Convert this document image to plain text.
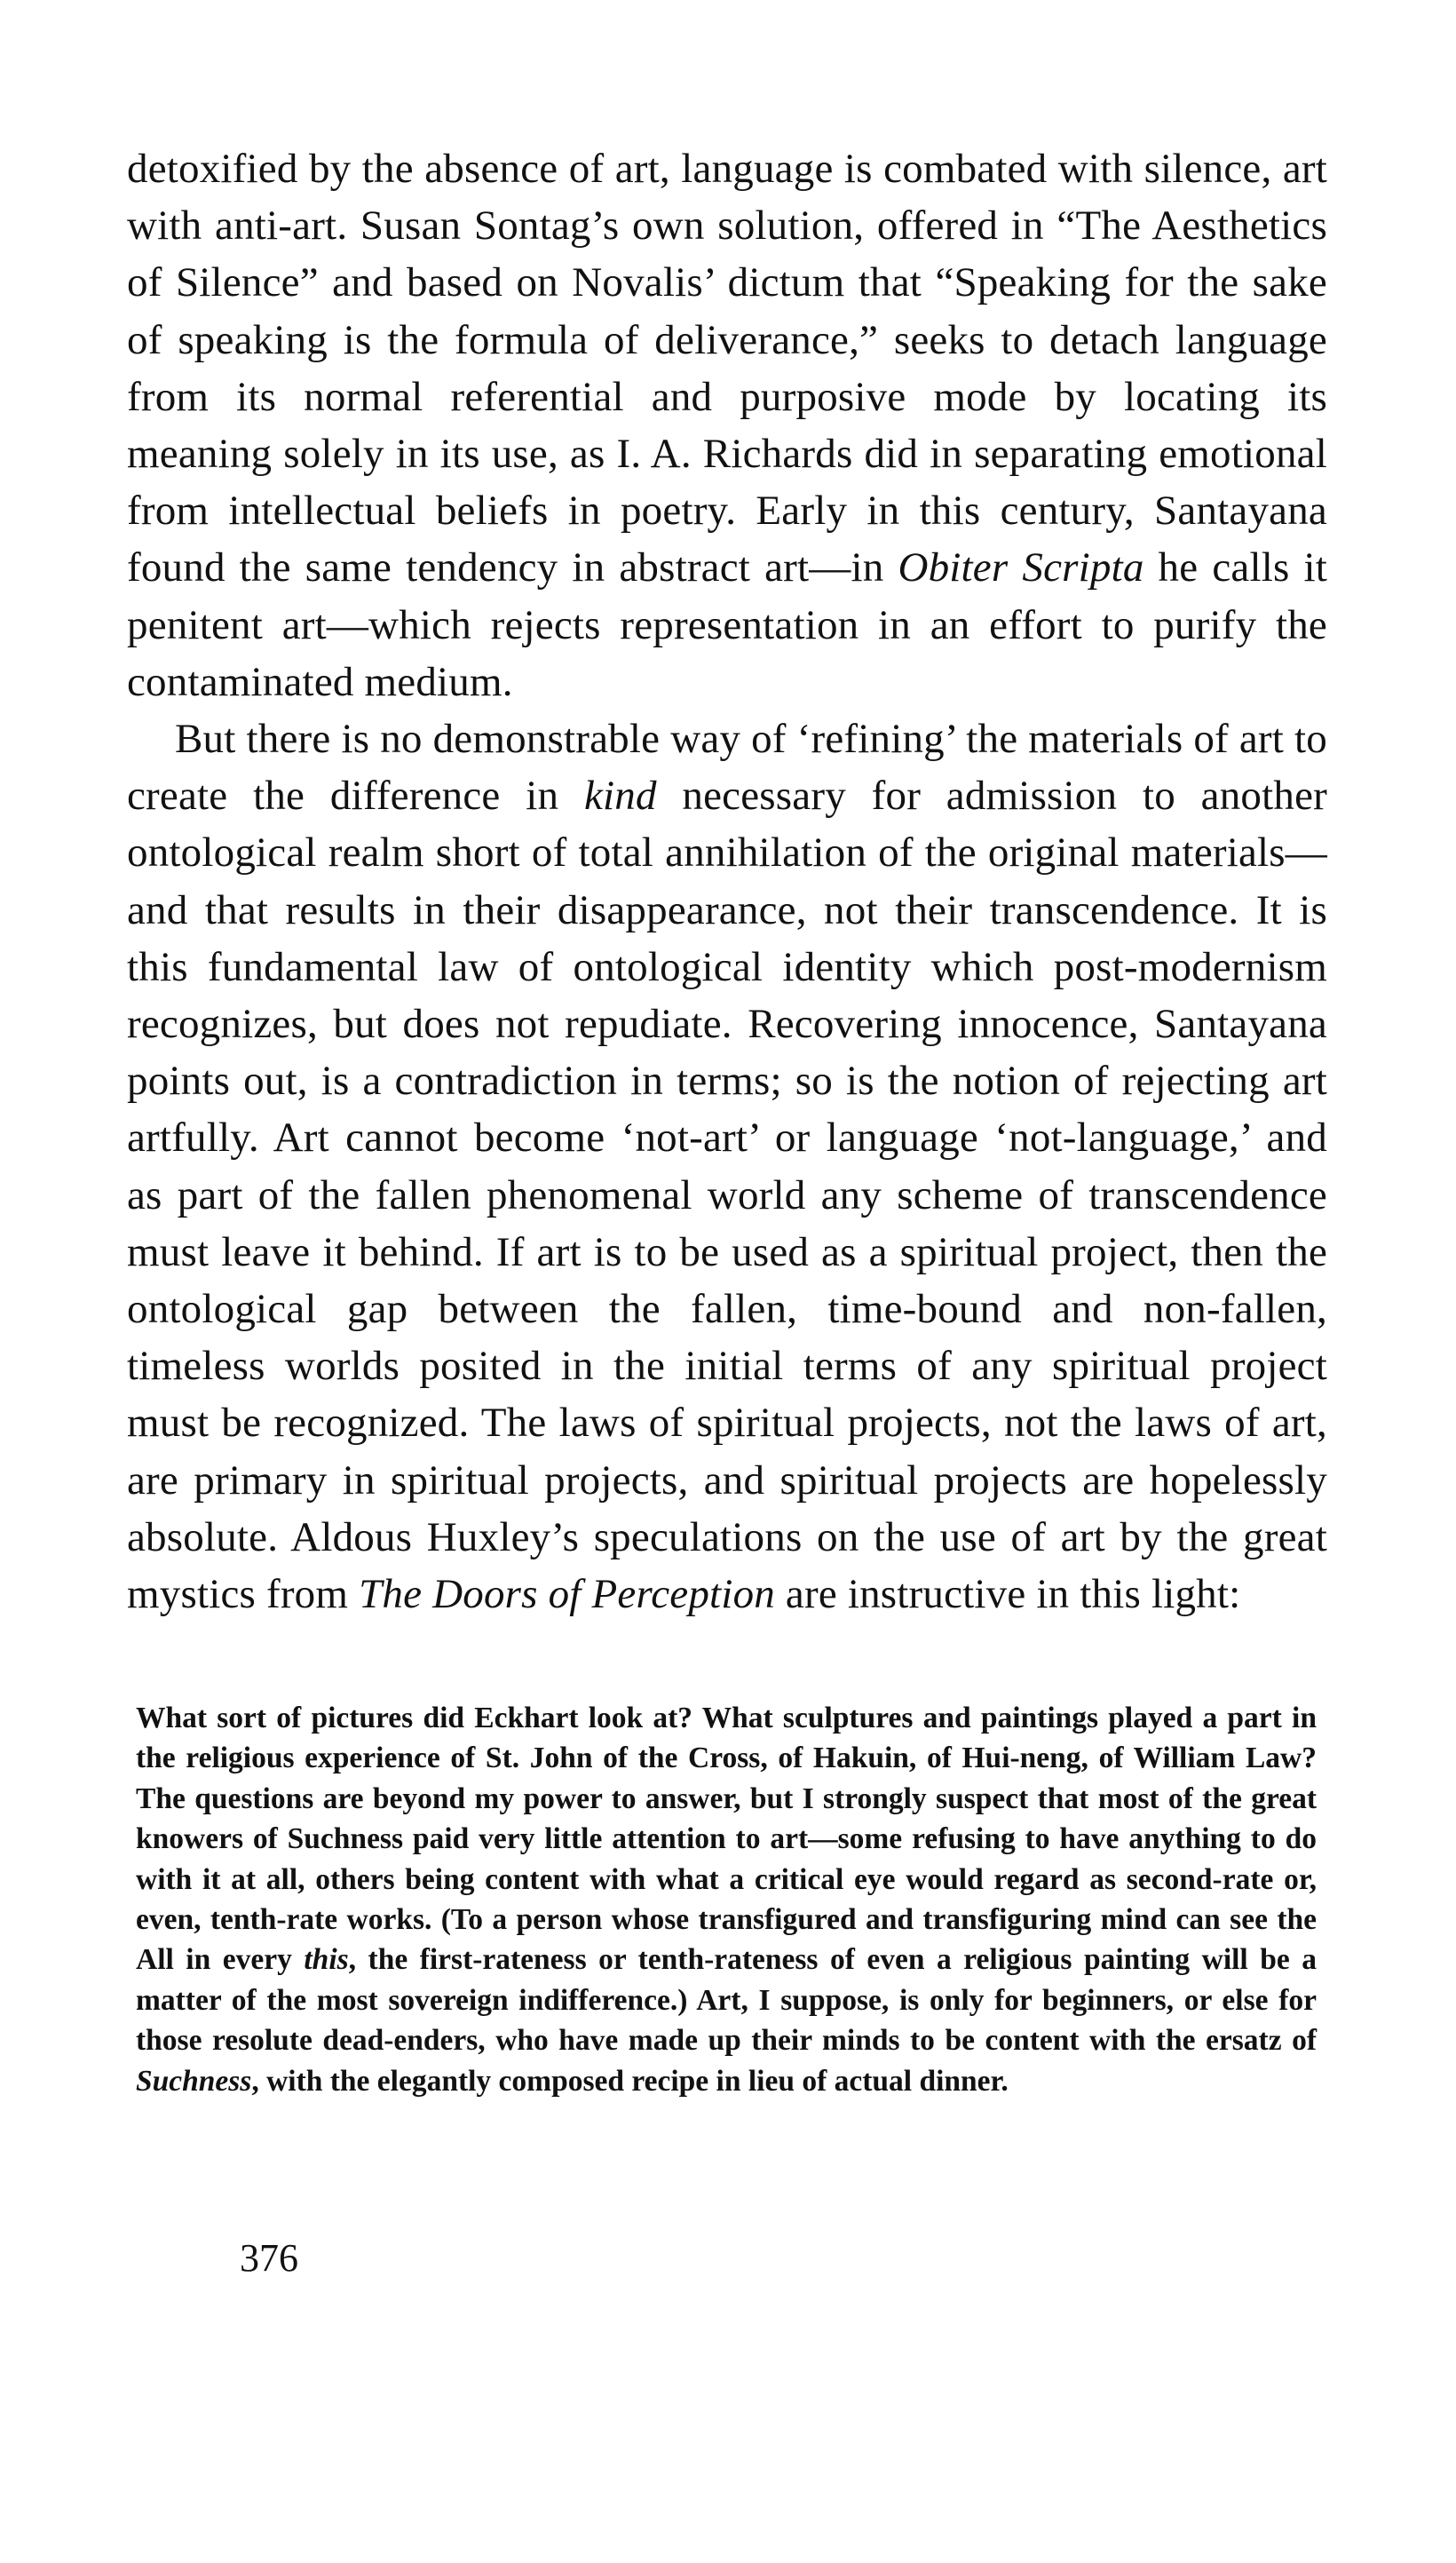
detoxified by the absence of art, language is combated with silence, art with anti-art. Susan Sontag’s own solution, offered in “The Aesthetics of Silence” and based on Novalis’ dictum that “Speaking for the sake of speaking is the formula of deliverance,” seeks to detach language from its normal referential and purposive mode by locating its meaning solely in its use, as I. A. Richards did in separating emotional from intellectual beliefs in poetry. Early in this century, Santayana found the same tendency in abstract art—in Obiter Scripta he calls it penitent art—which rejects representation in an effort to purify the contaminated medium.

But there is no demonstrable way of ‘refining’ the materials of art to create the difference in kind necessary for admission to another ontological realm short of total annihilation of the original materials—and that results in their disappearance, not their transcendence. It is this fundamental law of ontological identity which post-modernism recognizes, but does not repudiate. Recovering innocence, Santayana points out, is a contradiction in terms; so is the notion of rejecting art artfully. Art cannot become ‘not-art’ or language ‘not-language,’ and as part of the fallen phenomenal world any scheme of transcendence must leave it behind. If art is to be used as a spiritual project, then the ontological gap between the fallen, time-bound and non-fallen, timeless worlds posited in the initial terms of any spiritual project must be recognized. The laws of spiritual projects, not the laws of art, are primary in spiritual projects, and spiritual projects are hopelessly absolute. Aldous Huxley’s speculations on the use of art by the great mystics from The Doors of Perception are instructive in this light:

What sort of pictures did Eckhart look at? What sculptures and paintings played a part in the religious experience of St. John of the Cross, of Hakuin, of Hui-neng, of William Law? The questions are beyond my power to answer, but I strongly suspect that most of the great knowers of Suchness paid very little attention to art—some refusing to have anything to do with it at all, others being content with what a critical eye would regard as second-rate or, even, tenth-rate works. (To a person whose transfigured and transfiguring mind can see the All in every this, the first-rateness or tenth-rateness of even a religious painting will be a matter of the most sovereign indifference.) Art, I suppose, is only for beginners, or else for those resolute dead-enders, who have made up their minds to be content with the ersatz of Suchness, with the elegantly composed recipe in lieu of actual dinner.

376
